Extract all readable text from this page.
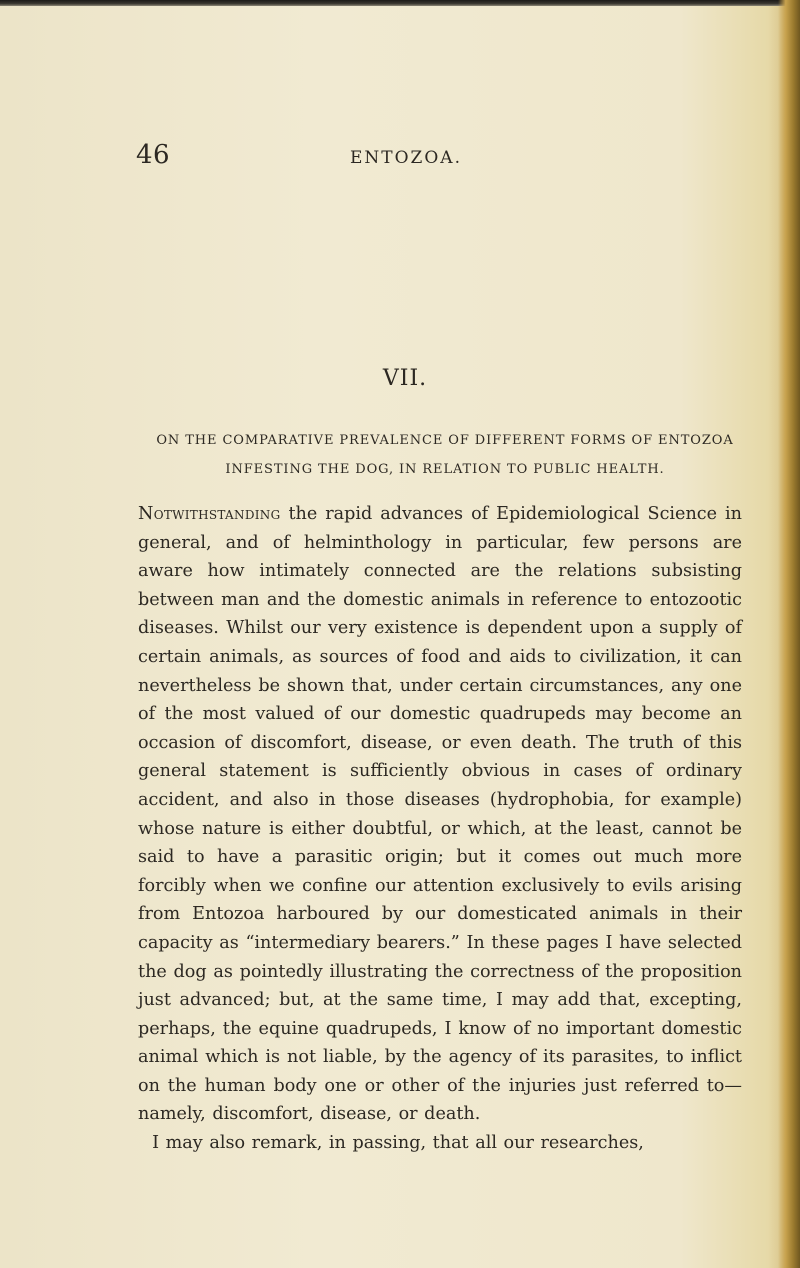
46	ENTOZOA.
VII.
ON THE COMPARATIVE PREVALENCE OF DIFFERENT FORMS OF ENTOZOA INFESTING THE DOG, IN RELATION TO PUBLIC HEALTH.

Notwithstanding the rapid advances of Epidemiological Science in general, and of helminthology in particular, few persons are aware how intimately connected are the relations subsisting between man and the domestic animals in reference to entozootic diseases. Whilst our very existence is dependent upon a supply of certain animals, as sources of food and aids to civilization, it can nevertheless be shown that, under certain circumstances, any one of the most valued of our domestic quadrupeds may become an occasion of discomfort, disease, or even death. The truth of this general statement is sufficiently obvious in cases of ordinary accident, and also in those diseases (hydrophobia, for example) whose nature is either doubtful, or which, at the least, cannot be said to have a parasitic origin; but it comes out much more forcibly when we confine our attention exclusively to evils arising from Entozoa harboured by our domesticated animals in their capacity as “intermediary bearers.” In these pages I have selected the dog as pointedly illustrating the correctness of the proposition just advanced; but, at the same time, I may add that, excepting, perhaps, the equine quadrupeds, I know of no important domestic animal which is not liable, by the agency of its parasites, to inflict on the human body one or other of the injuries just referred to—namely, discomfort, disease, or death.

I may also remark, in passing, that all our researches,
